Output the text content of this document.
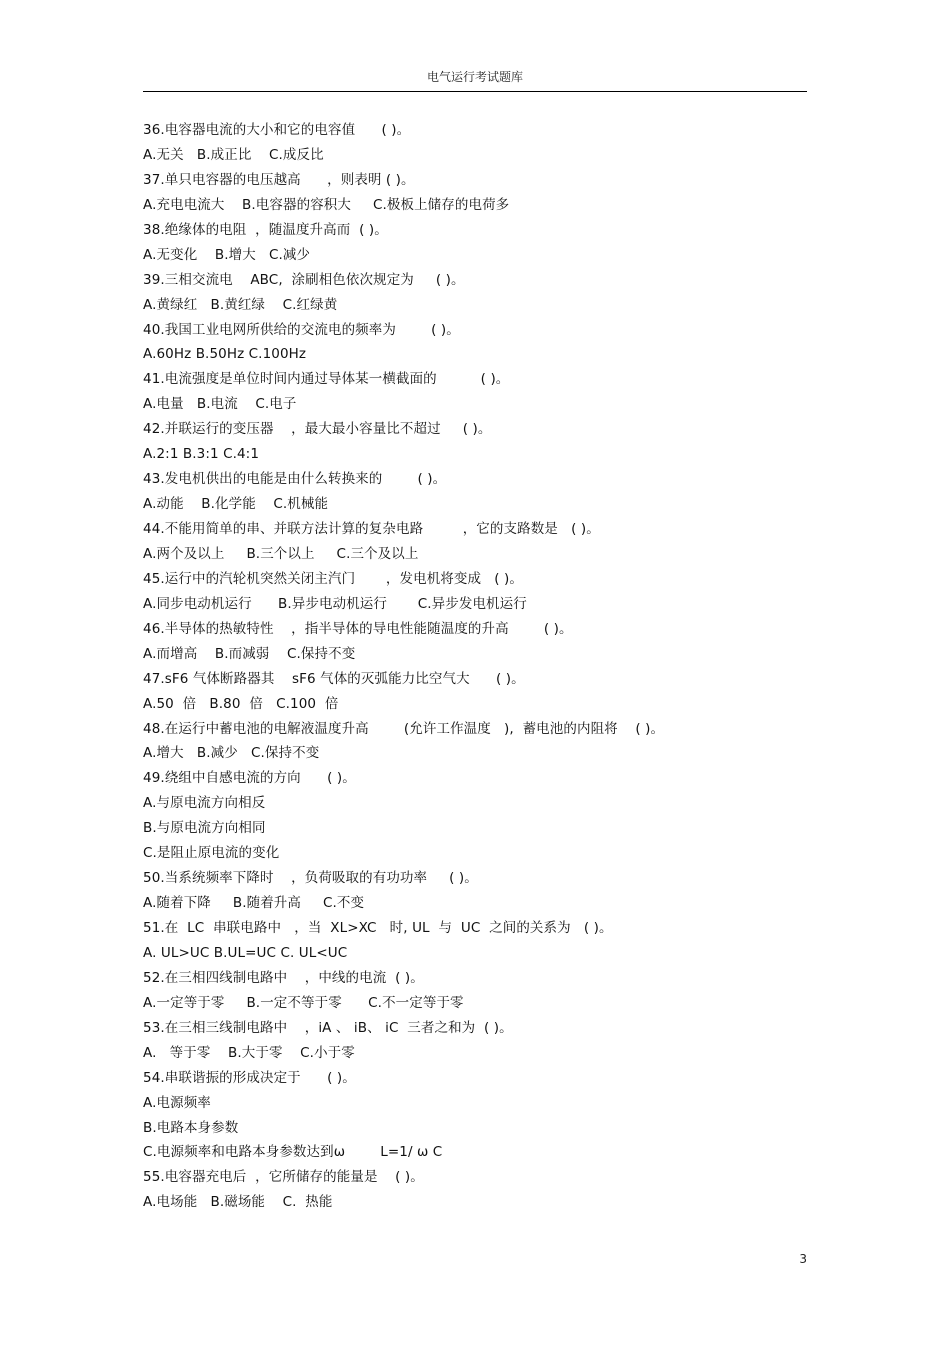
电气运行考试题库
36.电容器电流的大小和它的电容值      ( )。
A.无关   B.成正比    C.成反比
37.单只电容器的电压越高      ，则表明 ( )。
A.充电电流大    B.电容器的容积大     C.极板上储存的电荷多
38.绝缘体的电阻  ，随温度升高而  ( )。
A.无变化    B.增大   C.减少
39.三相交流电    ABC,  涂刷相色依次规定为     ( )。
A.黄绿红   B.黄红绿    C.红绿黄
40.我国工业电网所供给的交流电的频率为        ( )。
A.60Hz B.50Hz C.100Hz
41.电流强度是单位时间内通过导体某一横截面的          ( )。
A.电量   B.电流    C.电子
42.并联运行的变压器    ，最大最小容量比不超过     ( )。
A.2:1 B.3:1 C.4:1
43.发电机供出的电能是由什么转换来的        ( )。
A.动能    B.化学能    C.机械能
44.不能用简单的串、并联方法计算的复杂电路         ，它的支路数是   ( )。
A.两个及以上     B.三个以上     C.三个及以上
45.运行中的汽轮机突然关闭主汽门       ，发电机将变成   ( )。
A.同步电动机运行      B.异步电动机运行       C.异步发电机运行
46.半导体的热敏特性    ，指半导体的导电性能随温度的升高        ( )。
A.而增高    B.而减弱    C.保持不变
47.sF6 气体断路器其    sF6 气体的灭弧能力比空气大      ( )。
A.50  倍   B.80  倍   C.100  倍
48.在运行中蓄电池的电解液温度升高        (允许工作温度   ),  蓄电池的内阻将    ( )。
A.增大   B.减少   C.保持不变
49.绕组中自感电流的方向      ( )。
A.与原电流方向相反
B.与原电流方向相同
C.是阻止原电流的变化
50.当系统频率下降时    ，负荷吸取的有功功率     ( )。
A.随着下降     B.随着升高     C.不变
51.在  LC  串联电路中   ，当  XL>XC   时, UL  与  UC  之间的关系为   ( )。
A. UL>UC B.UL=UC C. UL<UC
52.在三相四线制电路中    ，中线的电流  ( )。
A.一定等于零     B.一定不等于零      C.不一定等于零
53.在三相三线制电路中    ，iA 、 iB、 iC  三者之和为  ( )。
A.   等于零    B.大于零    C.小于零
54.串联谐振的形成决定于      ( )。
A.电源频率
B.电路本身参数
C.电源频率和电路本身参数达到ω        L=1/ ω C
55.电容器充电后  ，它所储存的能量是    ( )。
A.电场能   B.磁场能    C.  热能
3
